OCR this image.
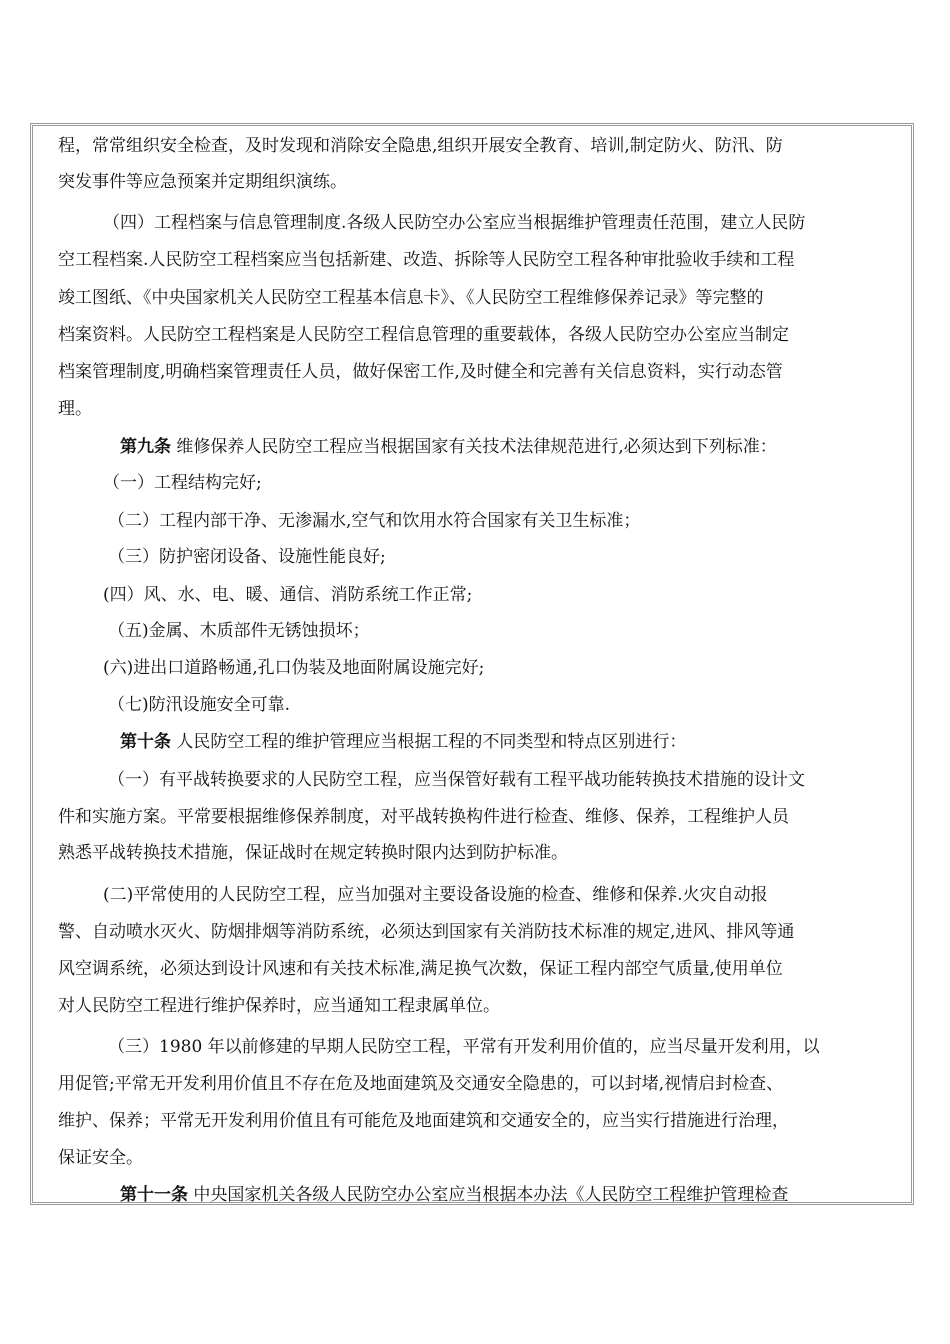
程，常常组织安全检查，及时发现和消除安全隐患,组织开展安全教育、培训,制定防火、防汛、防
突发事件等应急预案并定期组织演练。
（四）工程档案与信息管理制度.各级人民防空办公室应当根据维护管理责任范围，建立人民防
空工程档案.人民防空工程档案应当包括新建、改造、拆除等人民防空工程各种审批验收手续和工程
竣工图纸、《中央国家机关人民防空工程基本信息卡》、《人民防空工程维修保养记录》等完整的
档案资料。人民防空工程档案是人民防空工程信息管理的重要载体，各级人民防空办公室应当制定
档案管理制度,明确档案管理责任人员，做好保密工作,及时健全和完善有关信息资料，实行动态管
理。
第九条 维修保养人民防空工程应当根据国家有关技术法律规范进行,必须达到下列标准：
（一）工程结构完好;
（二）工程内部干净、无渗漏水,空气和饮用水符合国家有关卫生标准；
（三）防护密闭设备、设施性能良好;
(四）风、水、电、暖、通信、消防系统工作正常;
（五)金属、木质部件无锈蚀损坏；
(六)进出口道路畅通,孔口伪装及地面附属设施完好;
（七)防汛设施安全可靠.
第十条 人民防空工程的维护管理应当根据工程的不同类型和特点区别进行：
（一）有平战转换要求的人民防空工程，应当保管好载有工程平战功能转换技术措施的设计文
件和实施方案。平常要根据维修保养制度，对平战转换构件进行检查、维修、保养，工程维护人员
熟悉平战转换技术措施，保证战时在规定转换时限内达到防护标准。
(二)平常使用的人民防空工程，应当加强对主要设备设施的检查、维修和保养.火灾自动报
警、自动喷水灭火、防烟排烟等消防系统，必须达到国家有关消防技术标准的规定,进风、排风等通
风空调系统，必须达到设计风速和有关技术标准,满足换气次数，保证工程内部空气质量,使用单位
对人民防空工程进行维护保养时，应当通知工程隶属单位。
（三）1980 年以前修建的早期人民防空工程，平常有开发利用价值的，应当尽量开发利用，以
用促管;平常无开发利用价值且不存在危及地面建筑及交通安全隐患的，可以封堵,视情启封检查、
维护、保养；平常无开发利用价值且有可能危及地面建筑和交通安全的，应当实行措施进行治理，
保证安全。
第十一条 中央国家机关各级人民防空办公室应当根据本办法《人民防空工程维护管理检查
